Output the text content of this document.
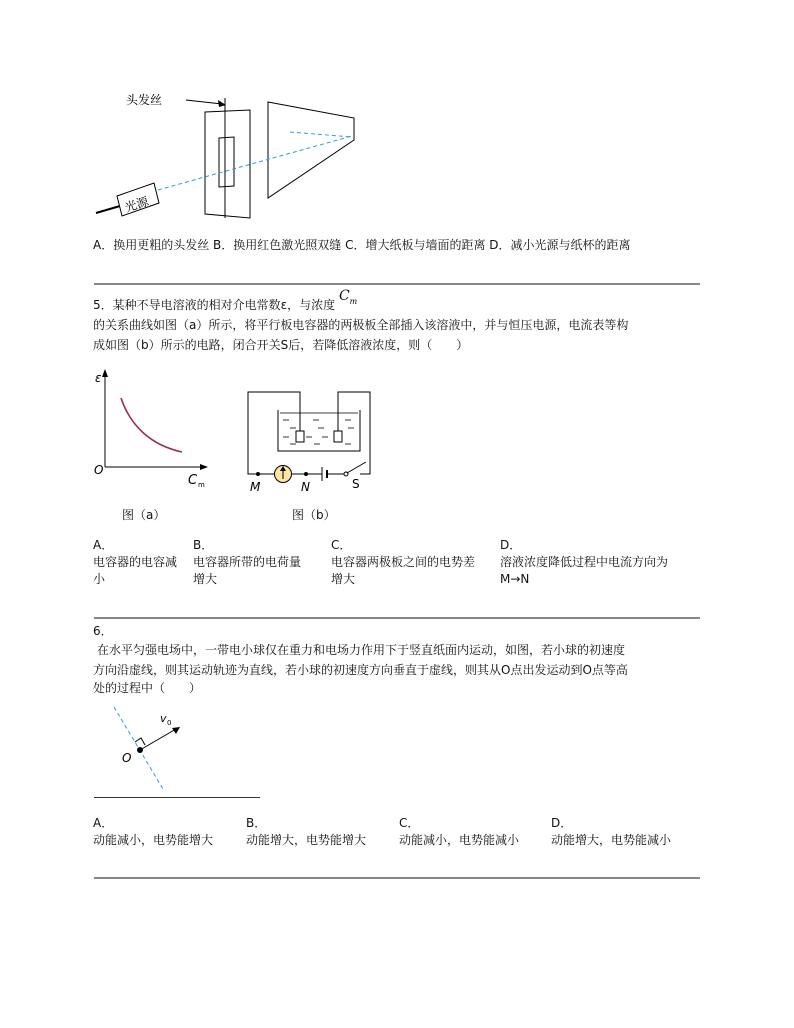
头发丝
光源
A．换用更粗的头发丝 B．换用红色激光照双缝 C．增大纸板与墙面的距离 D．减小光源与纸杯的距离
5．某种不导电溶液的相对介电常数ε，与浓度 $C_m$
的关系曲线如图（a）所示，将平行板电容器的两极板全部插入该溶液中，并与恒压电源，电流表等构
成如图（b）所示的电路，闭合开关S后，若降低溶液浓度，则（　　）
ε
O
C m
图（a）
M	N	S
图（b）
A．
电容器的电容减
小
B．
电容器所带的电荷量
增大
C．
电容器两极板之间的电势差
增大
D．
溶液浓度降低过程中电流方向为
M→N
6．
在水平匀强电场中，一带电小球仅在重力和电场力作用下于竖直纸面内运动，如图，若小球的初速度
方向沿虚线，则其运动轨迹为直线，若小球的初速度方向垂直于虚线，则其从O点出发运动到O点等高
处的过程中（　　）
v 0
O
A．
动能减小，电势能增大
B．
动能增大，电势能增大
C．
动能减小，电势能减小
D．
动能增大，电势能减小
